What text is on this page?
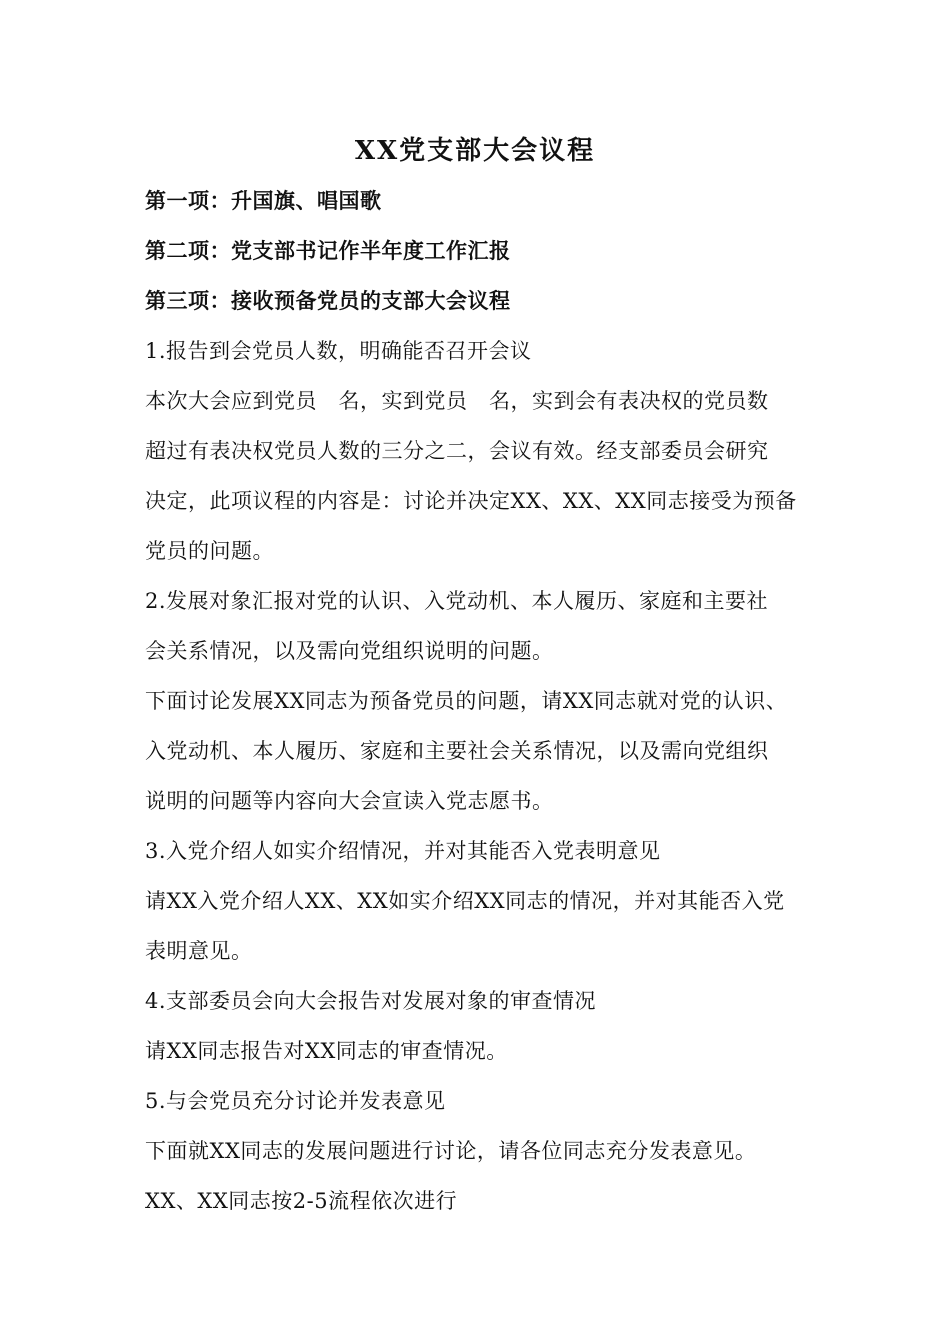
XX党支部大会议程
第一项：升国旗、唱国歌
第二项：党支部书记作半年度工作汇报
第三项：接收预备党员的支部大会议程
1.报告到会党员人数，明确能否召开会议
本次大会应到党员　名，实到党员　名，实到会有表决权的党员数
超过有表决权党员人数的三分之二，会议有效。经支部委员会研究
决定，此项议程的内容是：讨论并决定XX、XX、XX同志接受为预备
党员的问题。
2.发展对象汇报对党的认识、入党动机、本人履历、家庭和主要社
会关系情况，以及需向党组织说明的问题。
下面讨论发展XX同志为预备党员的问题，请XX同志就对党的认识、
入党动机、本人履历、家庭和主要社会关系情况，以及需向党组织
说明的问题等内容向大会宣读入党志愿书。
3.入党介绍人如实介绍情况，并对其能否入党表明意见
请XX入党介绍人XX、XX如实介绍XX同志的情况，并对其能否入党
表明意见。
4.支部委员会向大会报告对发展对象的审查情况
请XX同志报告对XX同志的审查情况。
5.与会党员充分讨论并发表意见
下面就XX同志的发展问题进行讨论，请各位同志充分发表意见。
XX、XX同志按2-5流程依次进行
